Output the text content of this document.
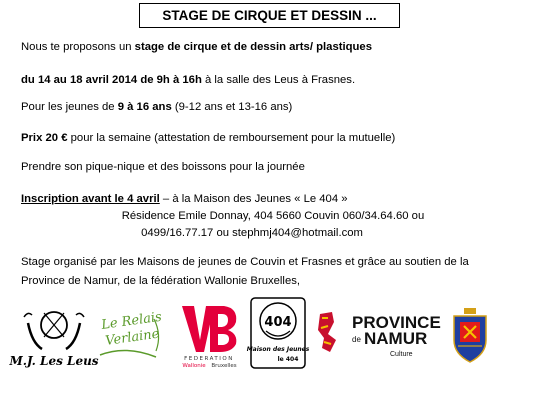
STAGE DE CIRQUE ET DESSIN ...
Nous te proposons un stage de cirque et de dessin arts/ plastiques
du 14 au 18 avril 2014 de 9h à 16h à la salle des Leus à Frasnes.
Pour les jeunes de 9 à 16 ans (9-12 ans et 13-16 ans)
Prix 20 € pour la semaine (attestation de remboursement pour la mutuelle)
Prendre son pique-nique et des boissons pour la journée
Inscription avant le 4 avril – à la Maison des Jeunes « Le 404 »
Résidence Emile Donnay, 404 5660 Couvin 060/34.64.60 ou
0499/16.77.17 ou stephmj404@hotmail.com
Stage organisé par les Maisons de jeunes de Couvin et Frasnes et grâce au soutien de la
Province de Namur, de la fédération Wallonie Bruxelles,
M.J. Les Leus
Le Relais
Verlaine
FEDERATION
Wallonie Bruxelles
404
Maison des Jeunes
le 404
PROVINCE
de NAMUR
Culture
